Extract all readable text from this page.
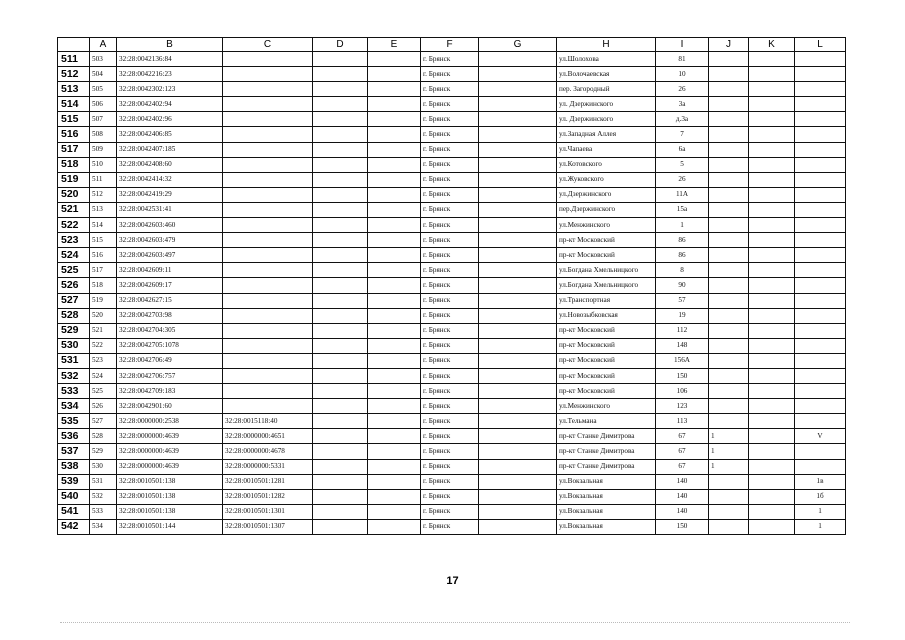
	A	B	C	D	E	F	G	H	I	J	K	L
511	503	32:28:0042136:84				г. Брянск		ул.Шолохова	81			
512	504	32:28:0042216:23				г. Брянск		ул.Волочаевская	10			
513	505	32:28:0042302:123				г. Брянск		пер. Загородный	26			
514	506	32:28:0042402:94				г. Брянск		ул. Дзержинского	3а			
515	507	32:28:0042402:96				г. Брянск		ул. Дзержинского	д.3а			
516	508	32:28:0042406:85				г. Брянск		ул.Западная Аллея	7			
517	509	32:28:0042407:185				г. Брянск		ул.Чапаева	6а			
518	510	32:28:0042408:60				г. Брянск		ул.Котовского	5			
519	511	32:28:0042414:32				г. Брянск		ул.Жуковского	26			
520	512	32:28:0042419:29				г. Брянск		ул.Дзержинского	11А			
521	513	32:28:0042531:41				г. Брянск		пер.Дзержинского	15а			
522	514	32:28:0042603:460				г. Брянск		ул.Менжинского	1			
523	515	32:28:0042603:479				г. Брянск		пр-кт Московский	86			
524	516	32:28:0042603:497				г. Брянск		пр-кт Московский	86			
525	517	32:28:0042609:11				г. Брянск		ул.Богдана Хмельницкого	8			
526	518	32:28:0042609:17				г. Брянск		ул.Богдана Хмельницкого	90			
527	519	32:28:0042627:15				г. Брянск		ул.Транспортная	57			
528	520	32:28:0042703:98				г. Брянск		ул.Новозыбковская	19			
529	521	32:28:0042704:305				г. Брянск		пр-кт Московский	112			
530	522	32:28:0042705:1078				г. Брянск		пр-кт Московский	148			
531	523	32:28:0042706:49				г. Брянск		пр-кт Московский	156А			
532	524	32:28:0042706:757				г. Брянск		пр-кт Московский	150			
533	525	32:28:0042709:183				г. Брянск		пр-кт Московский	106			
534	526	32:28:0042901:60				г. Брянск		ул.Менжинского	123			
535	527	32:28:0000000:2538	32:28:0015118:40			г. Брянск		ул.Тельмана	113			
536	528	32:28:0000000:4639	32:28:0000000:4651			г. Брянск		пр-кт Станке Димитрова	67	1		V
537	529	32:28:0000000:4639	32:28:0000000:4678			г. Брянск		пр-кт Станке Димитрова	67	1		
538	530	32:28:0000000:4639	32:28:0000000:5331			г. Брянск		пр-кт Станке Димитрова	67	1		
539	531	32:28:0010501:138	32:28:0010501:1281			г. Брянск		ул.Вокзальная	140			1в
540	532	32:28:0010501:138	32:28:0010501:1282			г. Брянск		ул.Вокзальная	140			1б
541	533	32:28:0010501:138	32:28:0010501:1301			г. Брянск		ул.Вокзальная	140			1
542	534	32:28:0010501:144	32:28:0010501:1307			г. Брянск		ул.Вокзальная	150			1
17
